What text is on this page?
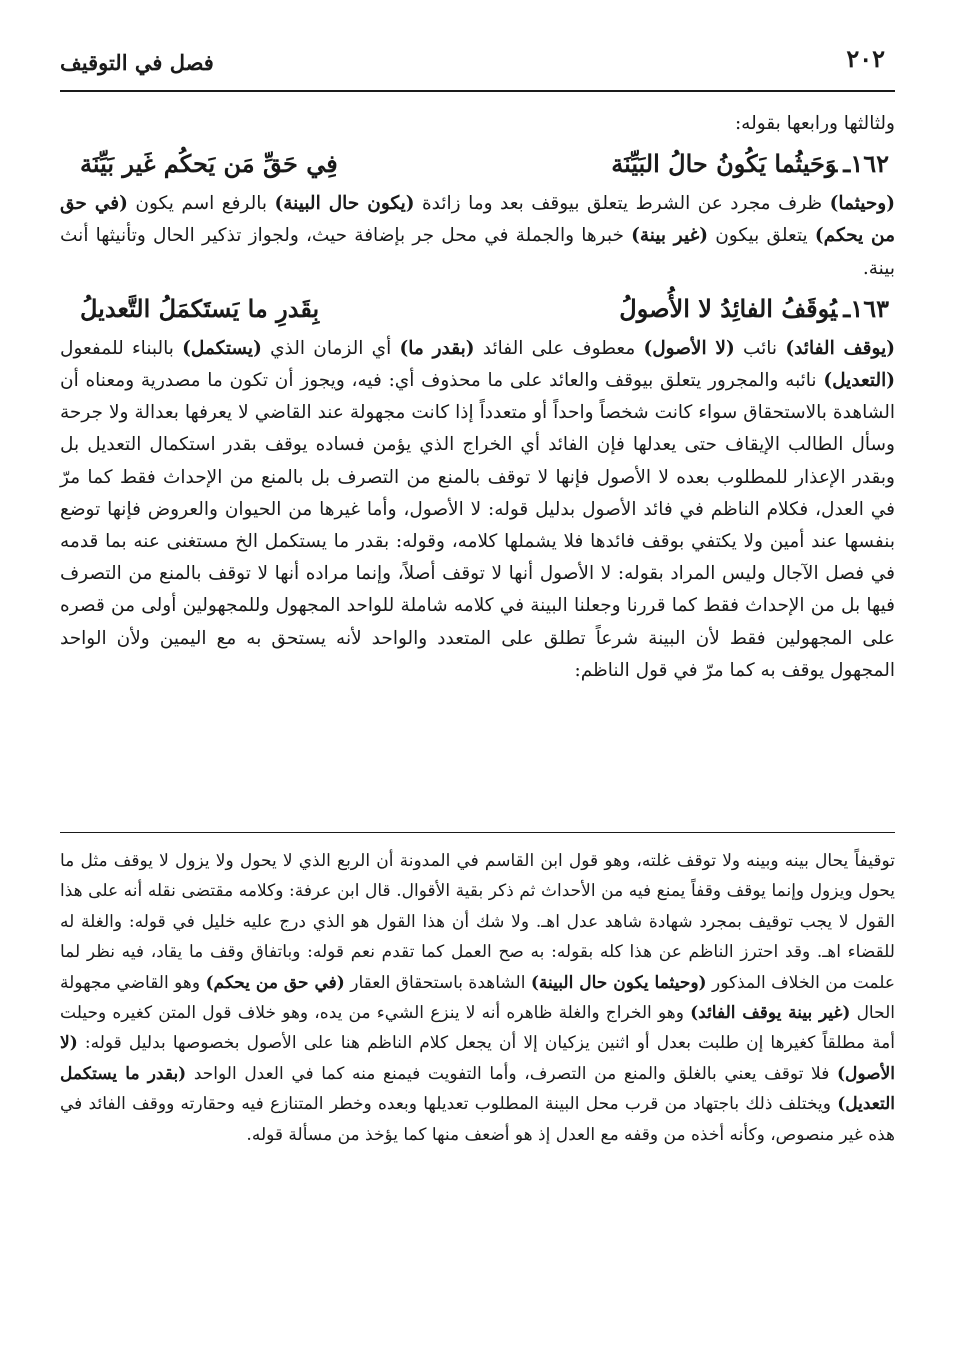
٢٠٢
فصل في التوقيف

ولثالثها ورابعها بقوله:

١٦٢ـوَحَيثُما يَكُونُ حالُ البَيِّنَة
فِي حَقِّ مَن يَحكُم غَير بَيِّنَة

(وحيثما) ظرف مجرد عن الشرط يتعلق بيوقف بعد وما زائدة (يكون حال البينة) بالرفع اسم يكون (في حق من يحكم) يتعلق بيكون (غير بينة) خبرها والجملة في محل جر بإضافة حيث، ولجواز تذكير الحال وتأنيثها أنث بينة.

١٦٣ـيُوقَفُ الفائِدُ لا الأُصولُ
بِقَدرِ ما يَستَكمَلُ التَّعديلُ

(يوقف الفائد) نائب (لا الأصول) معطوف على الفائد (بقدر ما) أي الزمان الذي (يستكمل) بالبناء للمفعول (التعديل) نائبه والمجرور يتعلق بيوقف والعائد على ما محذوف أي: فيه، ويجوز أن تكون ما مصدرية ومعناه أن الشاهدة بالاستحقاق سواء كانت شخصاً واحداً أو متعدداً إذا كانت مجهولة عند القاضي لا يعرفها بعدالة ولا جرحة وسأل الطالب الإيقاف حتى يعدلها فإن الفائد أي الخراج الذي يؤمن فساده يوقف بقدر استكمال التعديل بل وبقدر الإعذار للمطلوب بعده لا الأصول فإنها لا توقف بالمنع من التصرف بل بالمنع من الإحداث فقط كما مرّ في العدل، فكلام الناظم في فائد الأصول بدليل قوله: لا الأصول، وأما غيرها من الحيوان والعروض فإنها توضع بنفسها عند أمين ولا يكتفي بوقف فائدها فلا يشملها كلامه، وقوله: بقدر ما يستكمل الخ مستغنى عنه بما قدمه في فصل الآجال وليس المراد بقوله: لا الأصول أنها لا توقف أصلاً، وإنما مراده أنها لا توقف بالمنع من التصرف فيها بل من الإحداث فقط كما قررنا وجعلنا البينة في كلامه شاملة للواحد المجهول وللمجهولين أولى من قصره على المجهولين فقط لأن البينة شرعاً تطلق على المتعدد والواحد لأنه يستحق به مع اليمين ولأن الواحد المجهول يوقف به كما مرّ في قول الناظم:

توقيفاً يحال بينه وبينه ولا توقف غلته، وهو قول ابن القاسم في المدونة أن الربع الذي لا يحول ولا يزول لا يوقف مثل ما يحول ويزول وإنما يوقف وقفاً يمنع فيه من الأحداث ثم ذكر بقية الأقوال. قال ابن عرفة: وكلامه مقتضى نقله أنه على هذا القول لا يجب توقيف بمجرد شهادة شاهد عدل اهـ. ولا شك أن هذا القول هو الذي درج عليه خليل في قوله: والغلة له للقضاء اهـ. وقد احترز الناظم عن هذا كله بقوله: به صح العمل كما تقدم نعم قوله: وباتفاق وقف ما يقاد، فيه نظر لما علمت من الخلاف المذكور (وحيثما يكون حال البينة) الشاهدة باستحقاق العقار (في حق من يحكم) وهو القاضي مجهولة الحال (غير بينة يوقف الفائد) وهو الخراج والغلة ظاهره أنه لا ينزع الشيء من يده، وهو خلاف قول المتن كغيره وحيلت أمة مطلقاً كغيرها إن طلبت بعدل أو اثنين يزكيان إلا أن يجعل كلام الناظم هنا على الأصول بخصوصها بدليل قوله: (لا الأصول) فلا توقف يعني بالغلق والمنع من التصرف، وأما التفويت فيمنع منه كما في العدل الواحد (بقدر ما يستكمل التعديل) ويختلف ذلك باجتهاد من قرب محل البينة المطلوب تعديلها وبعده وخطر المتنازع فيه وحقارته ووقف الفائد في هذه غير منصوص، وكأنه أخذه من وقفه مع العدل إذ هو أضعف منها كما يؤخذ من مسألة قوله.
